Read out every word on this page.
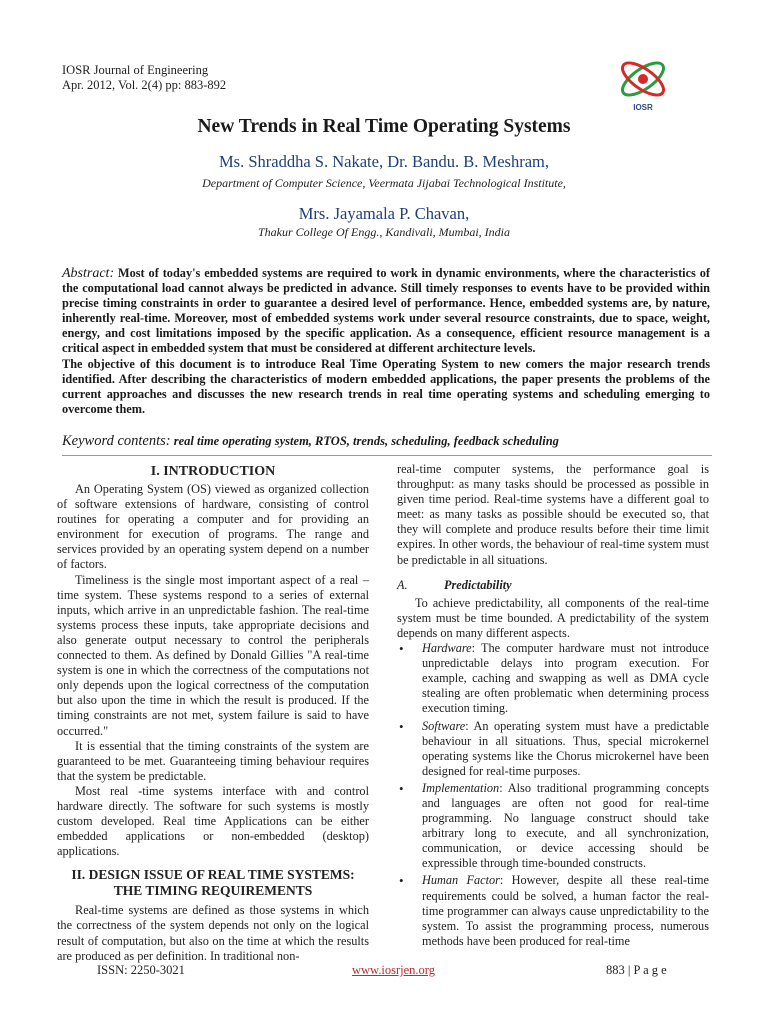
IOSR Journal of Engineering
Apr. 2012, Vol. 2(4) pp: 883-892
IOSR
New Trends in Real Time Operating Systems
Ms. Shraddha S. Nakate, Dr. Bandu. B. Meshram,
Department of Computer Science, Veermata Jijabai Technological Institute,
Mrs. Jayamala P. Chavan,
Thakur College Of Engg., Kandivali, Mumbai, India

Abstract: Most of today's embedded systems are required to work in dynamic environments, where the characteristics of the computational load cannot always be predicted in advance. Still timely responses to events have to be provided within precise timing constraints in order to guarantee a desired level of performance. Hence, embedded systems are, by nature, inherently real-time. Moreover, most of embedded systems work under several resource constraints, due to space, weight, energy, and cost limitations imposed by the specific application. As a consequence, efficient resource management is a critical aspect in embedded system that must be considered at different architecture levels.

The objective of this document is to introduce Real Time Operating System to new comers the major research trends identified. After describing the characteristics of modern embedded applications, the paper presents the problems of the current approaches and discusses the new research trends in real time operating systems and scheduling emerging to overcome them.

Keyword contents: real time operating system, RTOS, trends, scheduling, feedback scheduling
I. INTRODUCTION

An Operating System (OS) viewed as organized collection of software extensions of hardware, consisting of control routines for operating a computer and for providing an environment for execution of programs. The range and services provided by an operating system depend on a number of factors.

Timeliness is the single most important aspect of a real – time system. These systems respond to a series of external inputs, which arrive in an unpredictable fashion. The real-time systems process these inputs, take appropriate decisions and also generate output necessary to control the peripherals connected to them. As defined by Donald Gillies "A real-time system is one in which the correctness of the computations not only depends upon the logical correctness of the computation but also upon the time in which the result is produced. If the timing constraints are not met, system failure is said to have occurred."

It is essential that the timing constraints of the system are guaranteed to be met. Guaranteeing timing behaviour requires that the system be predictable.

Most real -time systems interface with and control hardware directly. The software for such systems is mostly custom developed. Real time Applications can be either embedded applications or non-embedded (desktop) applications.

II. DESIGN ISSUE OF REAL TIME SYSTEMS:
THE TIMING REQUIREMENTS

Real-time systems are defined as those systems in which the correctness of the system depends not only on the logical result of computation, but also on the time at which the results are produced as per definition. In traditional non-

real-time computer systems, the performance goal is throughput: as many tasks should be processed as possible in given time period. Real-time systems have a different goal to meet: as many tasks as possible should be executed so, that they will complete and produce results before their time limit expires. In other words, the behaviour of real-time system must be predictable in all situations.

A.	Predictability

To achieve predictability, all components of the real-time system must be time bounded. A predictability of the system depends on many different aspects.

• Hardware: The computer hardware must not introduce unpredictable delays into program execution. For example, caching and swapping as well as DMA cycle stealing are often problematic when determining process execution timing.
• Software: An operating system must have a predictable behaviour in all situations. Thus, special microkernel operating systems like the Chorus microkernel have been designed for real-time purposes.
• Implementation: Also traditional programming concepts and languages are often not good for real-time programming. No language construct should take arbitrary long to execute, and all synchronization, communication, or device accessing should be expressible through time-bounded constructs.
• Human Factor: However, despite all these real-time requirements could be solved, a human factor the real-time programmer can always cause unpredictability to the system. To assist the programming process, numerous methods have been produced for real-time
ISSN: 2250-3021	www.iosrjen.org	883 | P a g e
